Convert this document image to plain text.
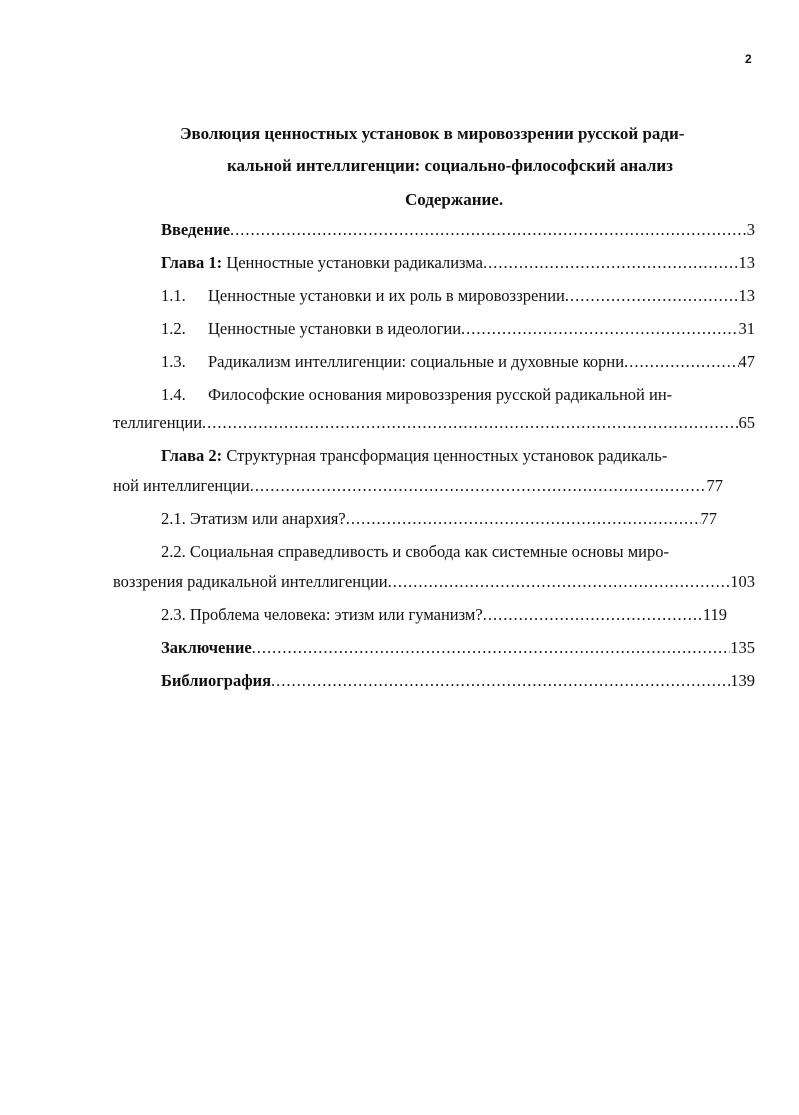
2
Эволюция ценностных установок в мировоззрении русской ради-
кальной интеллигенции: социально-философский анализ
Содержание.
Введение .....	3
Глава 1: Ценностные установки радикализма .....	13
1.1. Ценностные установки и их роль в мировоззрении .....	13
1.2. Ценностные установки в идеологии .....	31
1.3. Радикализм интеллигенции: социальные и духовные корни .....	47
1.4. Философские основания мировоззрения русской радикальной ин-
теллигенции .....	65
Глава 2: Структурная трансформация ценностных установок радикаль-
ной интеллигенции .....	77
2.1. Этатизм или анархия? .....	77
2.2. Социальная справедливость и свобода как системные основы миро-
воззрения радикальной интеллигенции .....	103
2.3. Проблема человека: этизм или гуманизм? .....	119
Заключение .....	135
Библиография .....	139
